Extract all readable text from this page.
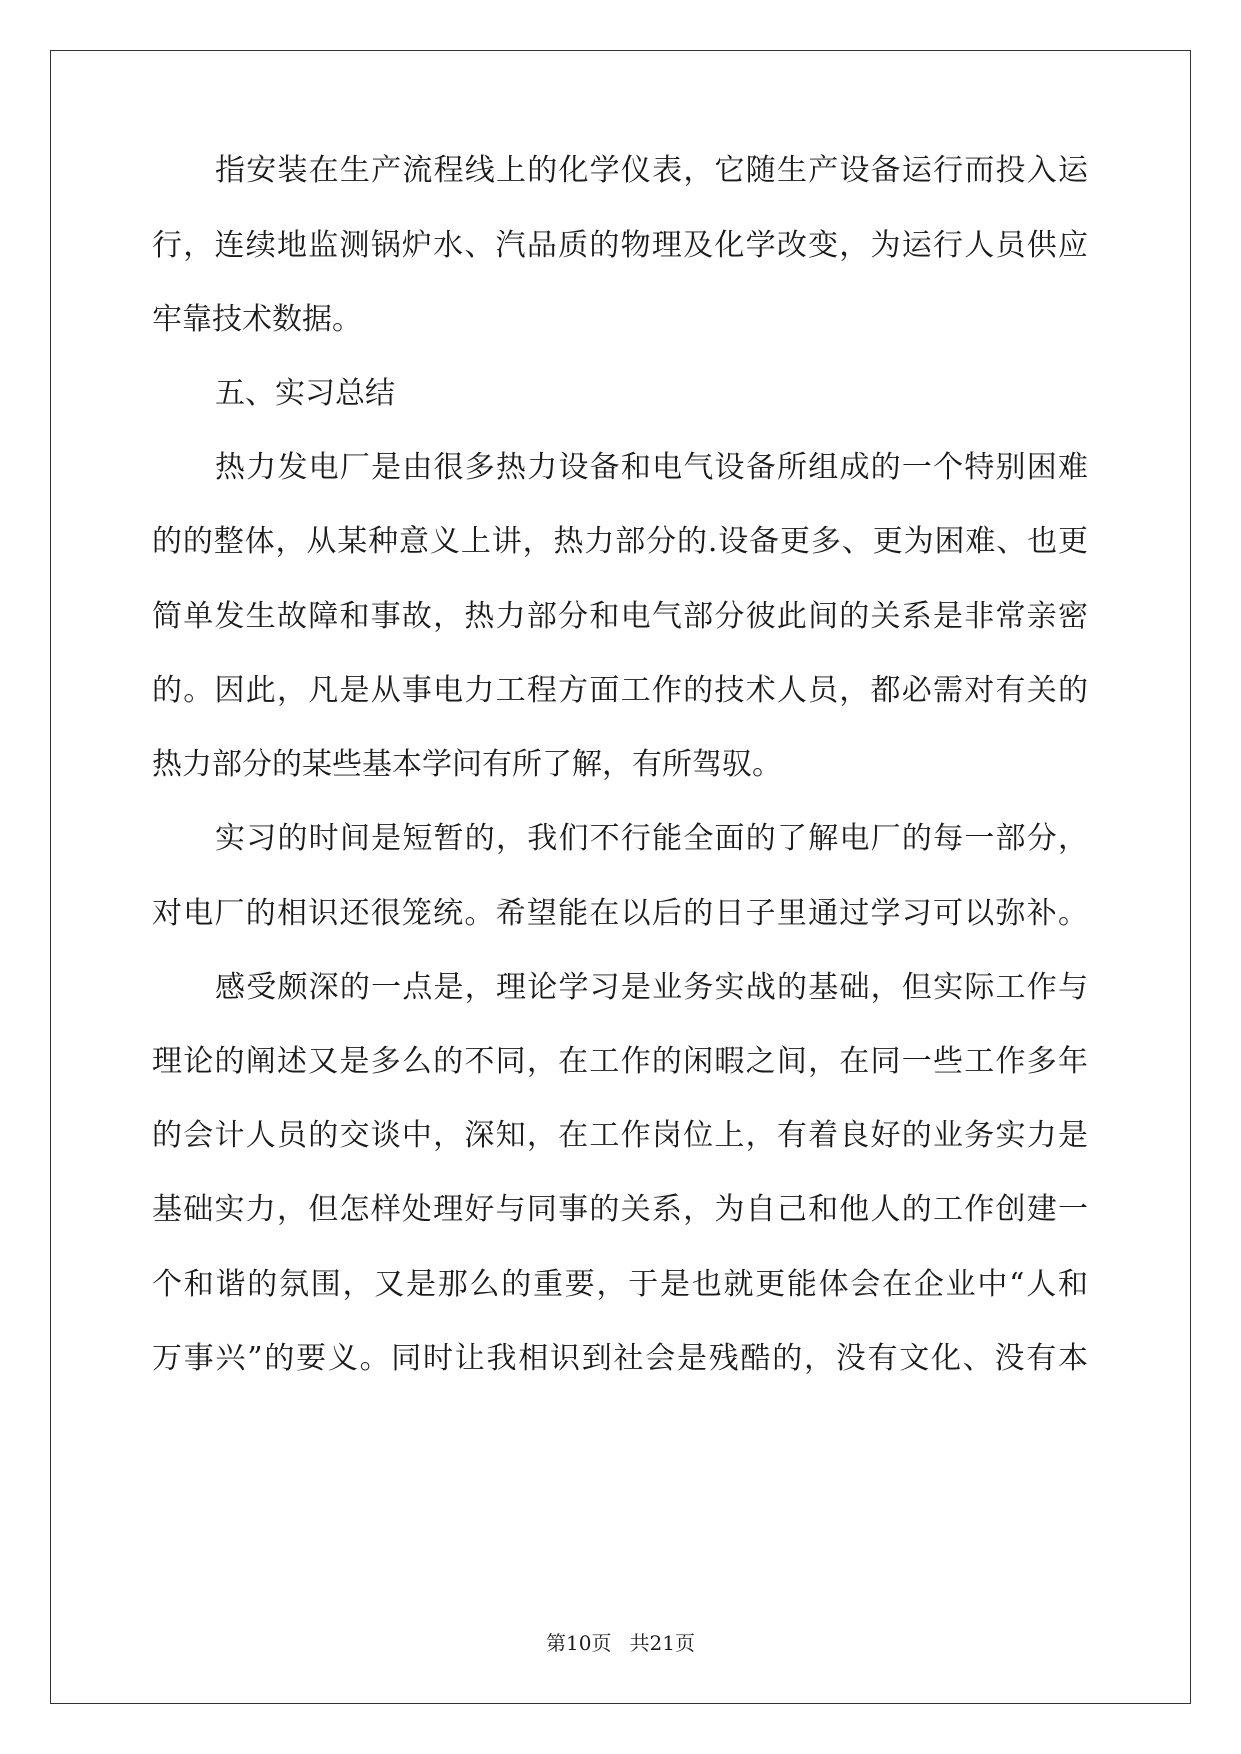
指安装在生产流程线上的化学仪表，它随生产设备运行而投入运
行，连续地监测锅炉水、汽品质的物理及化学改变，为运行人员供应
牢靠技术数据。
五、实习总结
热力发电厂是由很多热力设备和电气设备所组成的一个特别困难
的的整体，从某种意义上讲，热力部分的.设备更多、更为困难、也更
简单发生故障和事故，热力部分和电气部分彼此间的关系是非常亲密
的。因此，凡是从事电力工程方面工作的技术人员，都必需对有关的
热力部分的某些基本学问有所了解，有所驾驭。
实习的时间是短暂的，我们不行能全面的了解电厂的每一部分，
对电厂的相识还很笼统。希望能在以后的日子里通过学习可以弥补。
感受颇深的一点是，理论学习是业务实战的基础，但实际工作与
理论的阐述又是多么的不同，在工作的闲暇之间，在同一些工作多年
的会计人员的交谈中，深知，在工作岗位上，有着良好的业务实力是
基础实力，但怎样处理好与同事的关系，为自己和他人的工作创建一
个和谐的氛围，又是那么的重要，于是也就更能体会在企业中“人和
万事兴”的要义。同时让我相识到社会是残酷的，没有文化、没有本
第10页 共21页
